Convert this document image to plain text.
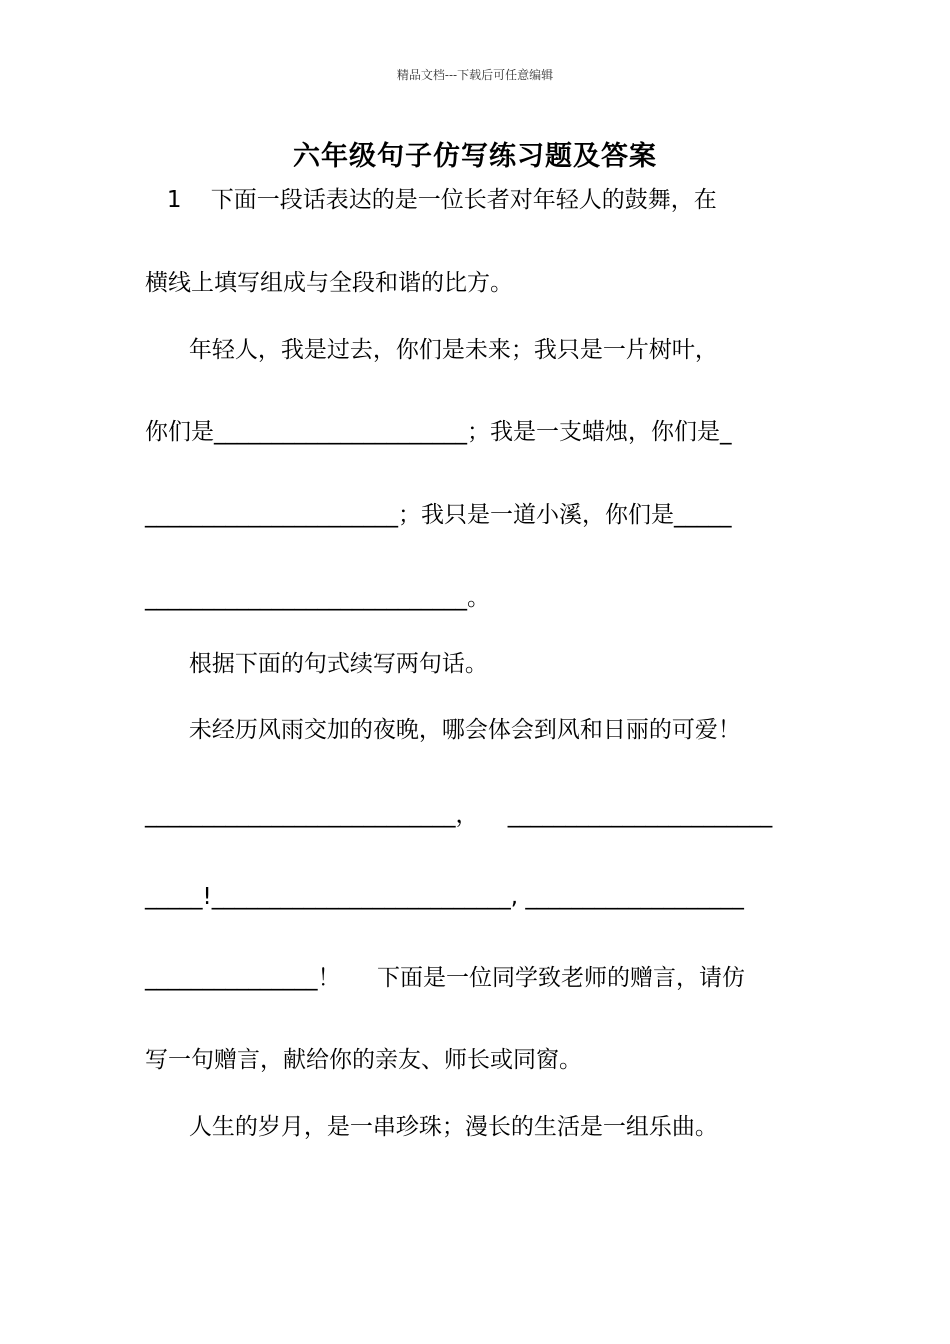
精品文档---下载后可任意编辑
六年级句子仿写练习题及答案
1    下面一段话表达的是一位长者对年轻人的鼓舞，在
横线上填写组成与全段和谐的比方。
年轻人，我是过去，你们是未来；我只是一片树叶，
你们是______________________；我是一支蜡烛，你们是_
______________________；我只是一道小溪，你们是_____
____________________________。
根据下面的句式续写两句话。
未经历风雨交加的夜晚，哪会体会到风和日丽的可爱！
___________________________，    _______________________
_____!__________________________, ___________________
_______________！     下面是一位同学致老师的赠言，请仿
写一句赠言，献给你的亲友、师长或同窗。
人生的岁月，是一串珍珠；漫长的生活是一组乐曲。
